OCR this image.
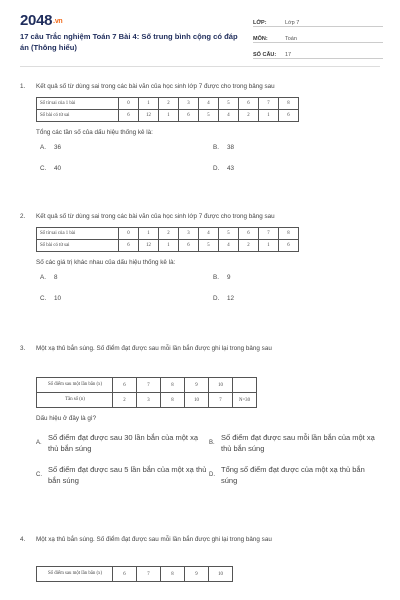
2048.vn
17 câu Trắc nghiệm Toán 7 Bài 4: Số trung bình cộng có đáp án (Thông hiểu)
LỚP:	Lớp 7
MÔN:	Toán
SỐ CÂU:	17
1.	Kết quả số từ dùng sai trong các bài văn của học sinh lớp 7 được cho trong bảng sau
Số từ sai của 1 bài	0	1	2	3	4	5	6	7	8
Số bài có từ sai	6	12	1	6	5	4	2	1	6
Tổng các tần số của dấu hiệu thống kê là:
A.	36	B.	38
C.	40	D.	43
2.	Kết quả số từ dùng sai trong các bài văn của học sinh lớp 7 được cho trong bảng sau
Số từ sai của 1 bài	0	1	2	3	4	5	6	7	8
Số bài có từ sai	6	12	1	6	5	4	2	1	6
Số các giá trị khác nhau của dấu hiệu thống kê là:
A.	8	B.	9
C.	10	D.	12
3.	Một xạ thủ bắn súng. Số điểm đạt được sau mỗi lần bắn được ghi lại trong bảng sau
Số điểm sau một lần bắn (x)	6	7	8	9	10	
Tần số (n)	2	3	8	10	7	N=30
Dấu hiệu ở đây là gì?
A.
Số điểm đạt được sau 30 lần bắn của một xạ thủ bắn súng
B.
Số điểm đạt được sau mỗi lần bắn của một xạ thủ bắn súng
C.
Số điểm đạt được sau 5 lần bắn của một xạ thủ bắn súng
D.
Tổng số điểm đạt được của một xạ thủ bắn súng
4.	Một xạ thủ bắn súng. Số điểm đạt được sau mỗi lần bắn được ghi lại trong bảng sau
Số điểm sau một lần bắn (x)	6	7	8	9	10
